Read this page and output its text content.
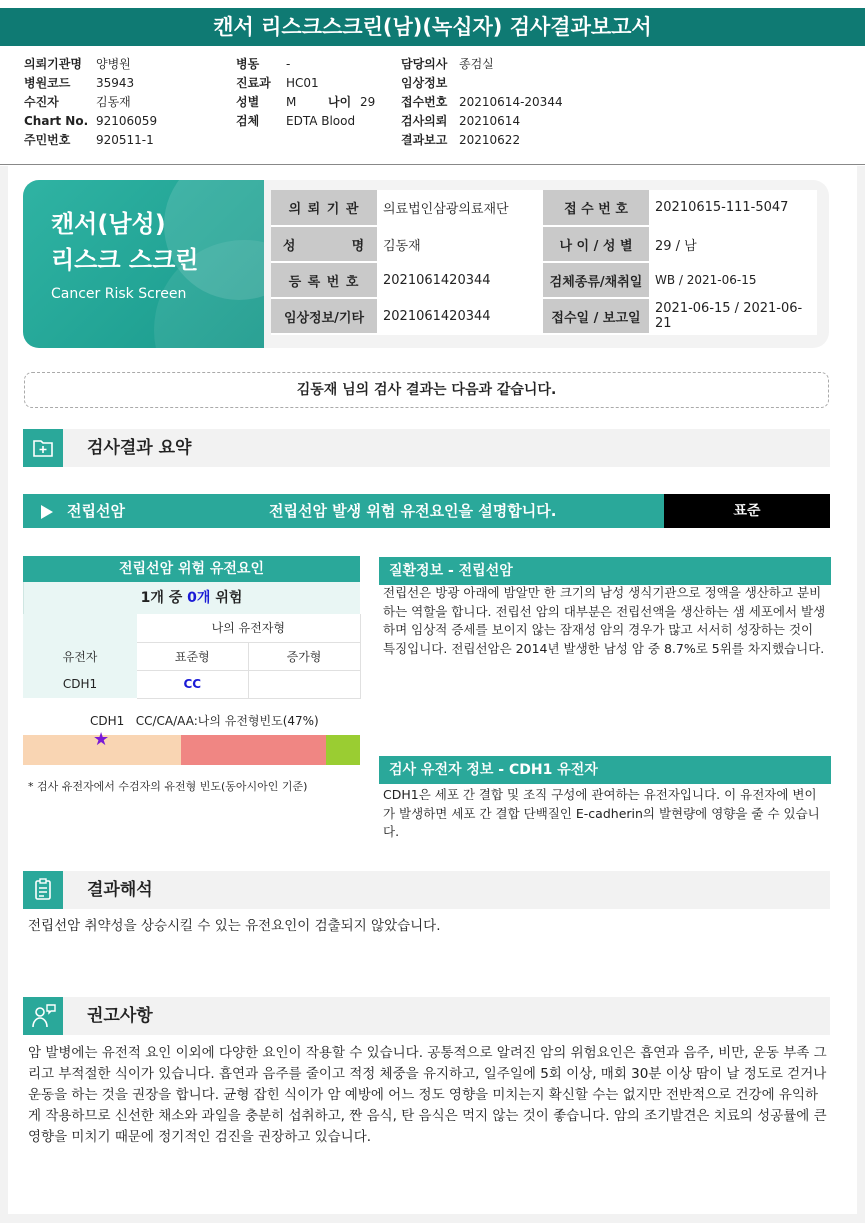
캔서 리스크스크린(남)(녹십자) 검사결과보고서
의뢰기관명 양병원
병원코드 35943
수진자	김동재
Chart No. 92106059
주민번호 920511-1
병동 -
진료과 HC01
성별 M	나이 29
검체 EDTA Blood
담당의사 종검실
임상정보
접수번호 20210614-20344
검사의뢰 20210614
결과보고 20210622
캔서(남성)
리스크 스크린
Cancer Risk Screen
의 뢰 기 관	의료법인삼광의료재단	접 수 번 호	20210615-111-5047
성          명	김동재	나 이 / 성 별	29 / 남
등 록 번 호	2021061420344	검체종류/채취일	WB / 2021-06-15
임상정보/기타	2021061420344	접수일 / 보고일	2021-06-15 / 2021-06-21
김동재 님의 검사 결과는 다음과 같습니다.
검사결과 요약
전립선암	전립선암 발생 위험 유전요인을 설명합니다.	표준
전립선암 위험 유전요인
1개 중 0개 위험
	나의 유전자형	
유전자	표준형	증가형
CDH1	CC	
CDH1   CC/CA/AA:나의 유전형빈도(47%)
★
* 검사 유전자에서 수검자의 유전형 빈도(동아시아인 기준)
질환정보 - 전립선암
전립선은 방광 아래에 밤알만 한 크기의 남성 생식기관으로 정액을 생산하고 분비하는 역할을 합니다. 전립선 암의 대부분은 전립선액을 생산하는 샘 세포에서 발생하며 임상적 증세를 보이지 않는 잠재성 암의 경우가 많고 서서히 성장하는 것이 특징입니다. 전립선암은 2014년 발생한 남성 암 중 8.7%로 5위를 차지했습니다.
검사 유전자 정보 - CDH1 유전자
CDH1은 세포 간 결합 및 조직 구성에 관여하는 유전자입니다. 이 유전자에 변이가 발생하면 세포 간 결합 단백질인 E-cadherin의 발현량에 영향을 줄 수 있습니다.
결과해석
전립선암 취약성을 상승시킬 수 있는 유전요인이 검출되지 않았습니다.
권고사항
암 발병에는 유전적 요인 이외에 다양한 요인이 작용할 수 있습니다. 공통적으로 알려진 암의 위험요인은 흡연과 음주, 비만, 운동 부족 그리고 부적절한 식이가 있습니다. 흡연과 음주를 줄이고 적정 체중을 유지하고, 일주일에 5회 이상, 매회 30분 이상 땀이 날 정도로 걷거나 운동을 하는 것을 권장을 합니다. 균형 잡힌 식이가 암 예방에 어느 정도 영향을 미치는지 확신할 수는 없지만 전반적으로 건강에 유익하게 작용하므로 신선한 채소와 과일을 충분히 섭취하고, 짠 음식, 탄 음식은 먹지 않는 것이 좋습니다. 암의 조기발견은 치료의 성공률에 큰 영향을 미치기 때문에 정기적인 검진을 권장하고 있습니다.
